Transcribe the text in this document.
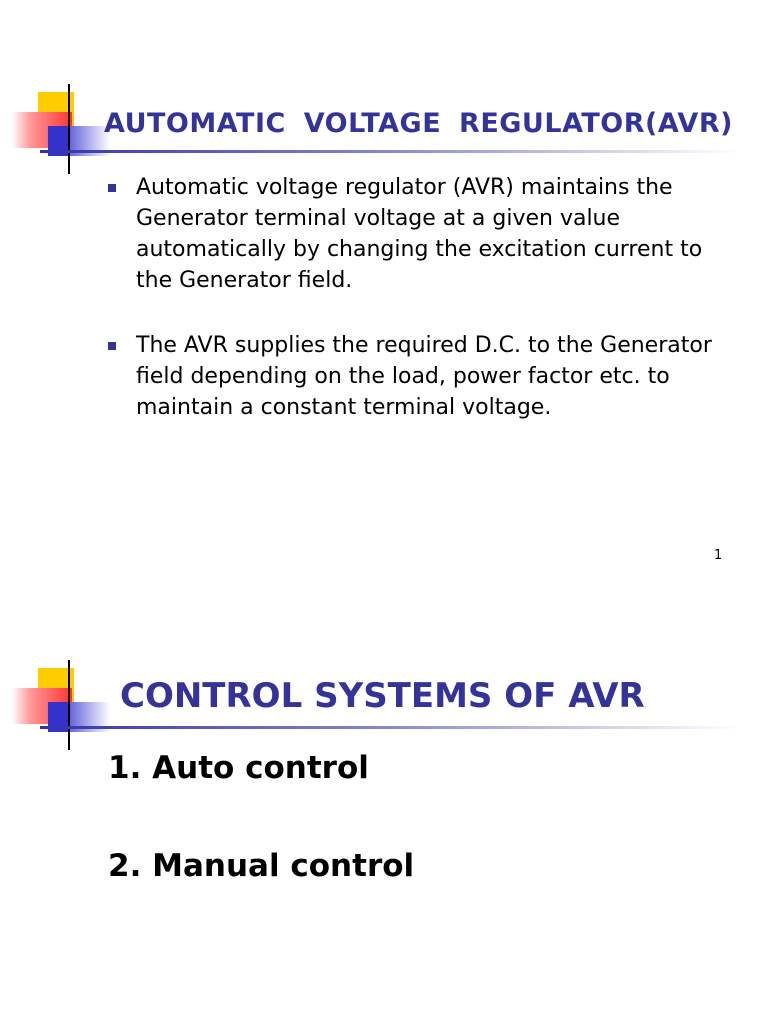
AUTOMATIC VOLTAGE REGULATOR(AVR)
Automatic voltage regulator (AVR) maintains the Generator terminal voltage at a given value automatically by changing the excitation current to the Generator field.
The AVR supplies the required D.C. to the Generator field depending on the load, power factor etc. to maintain a constant terminal voltage.
1
CONTROL SYSTEMS OF AVR

1. Auto control

2. Manual control
